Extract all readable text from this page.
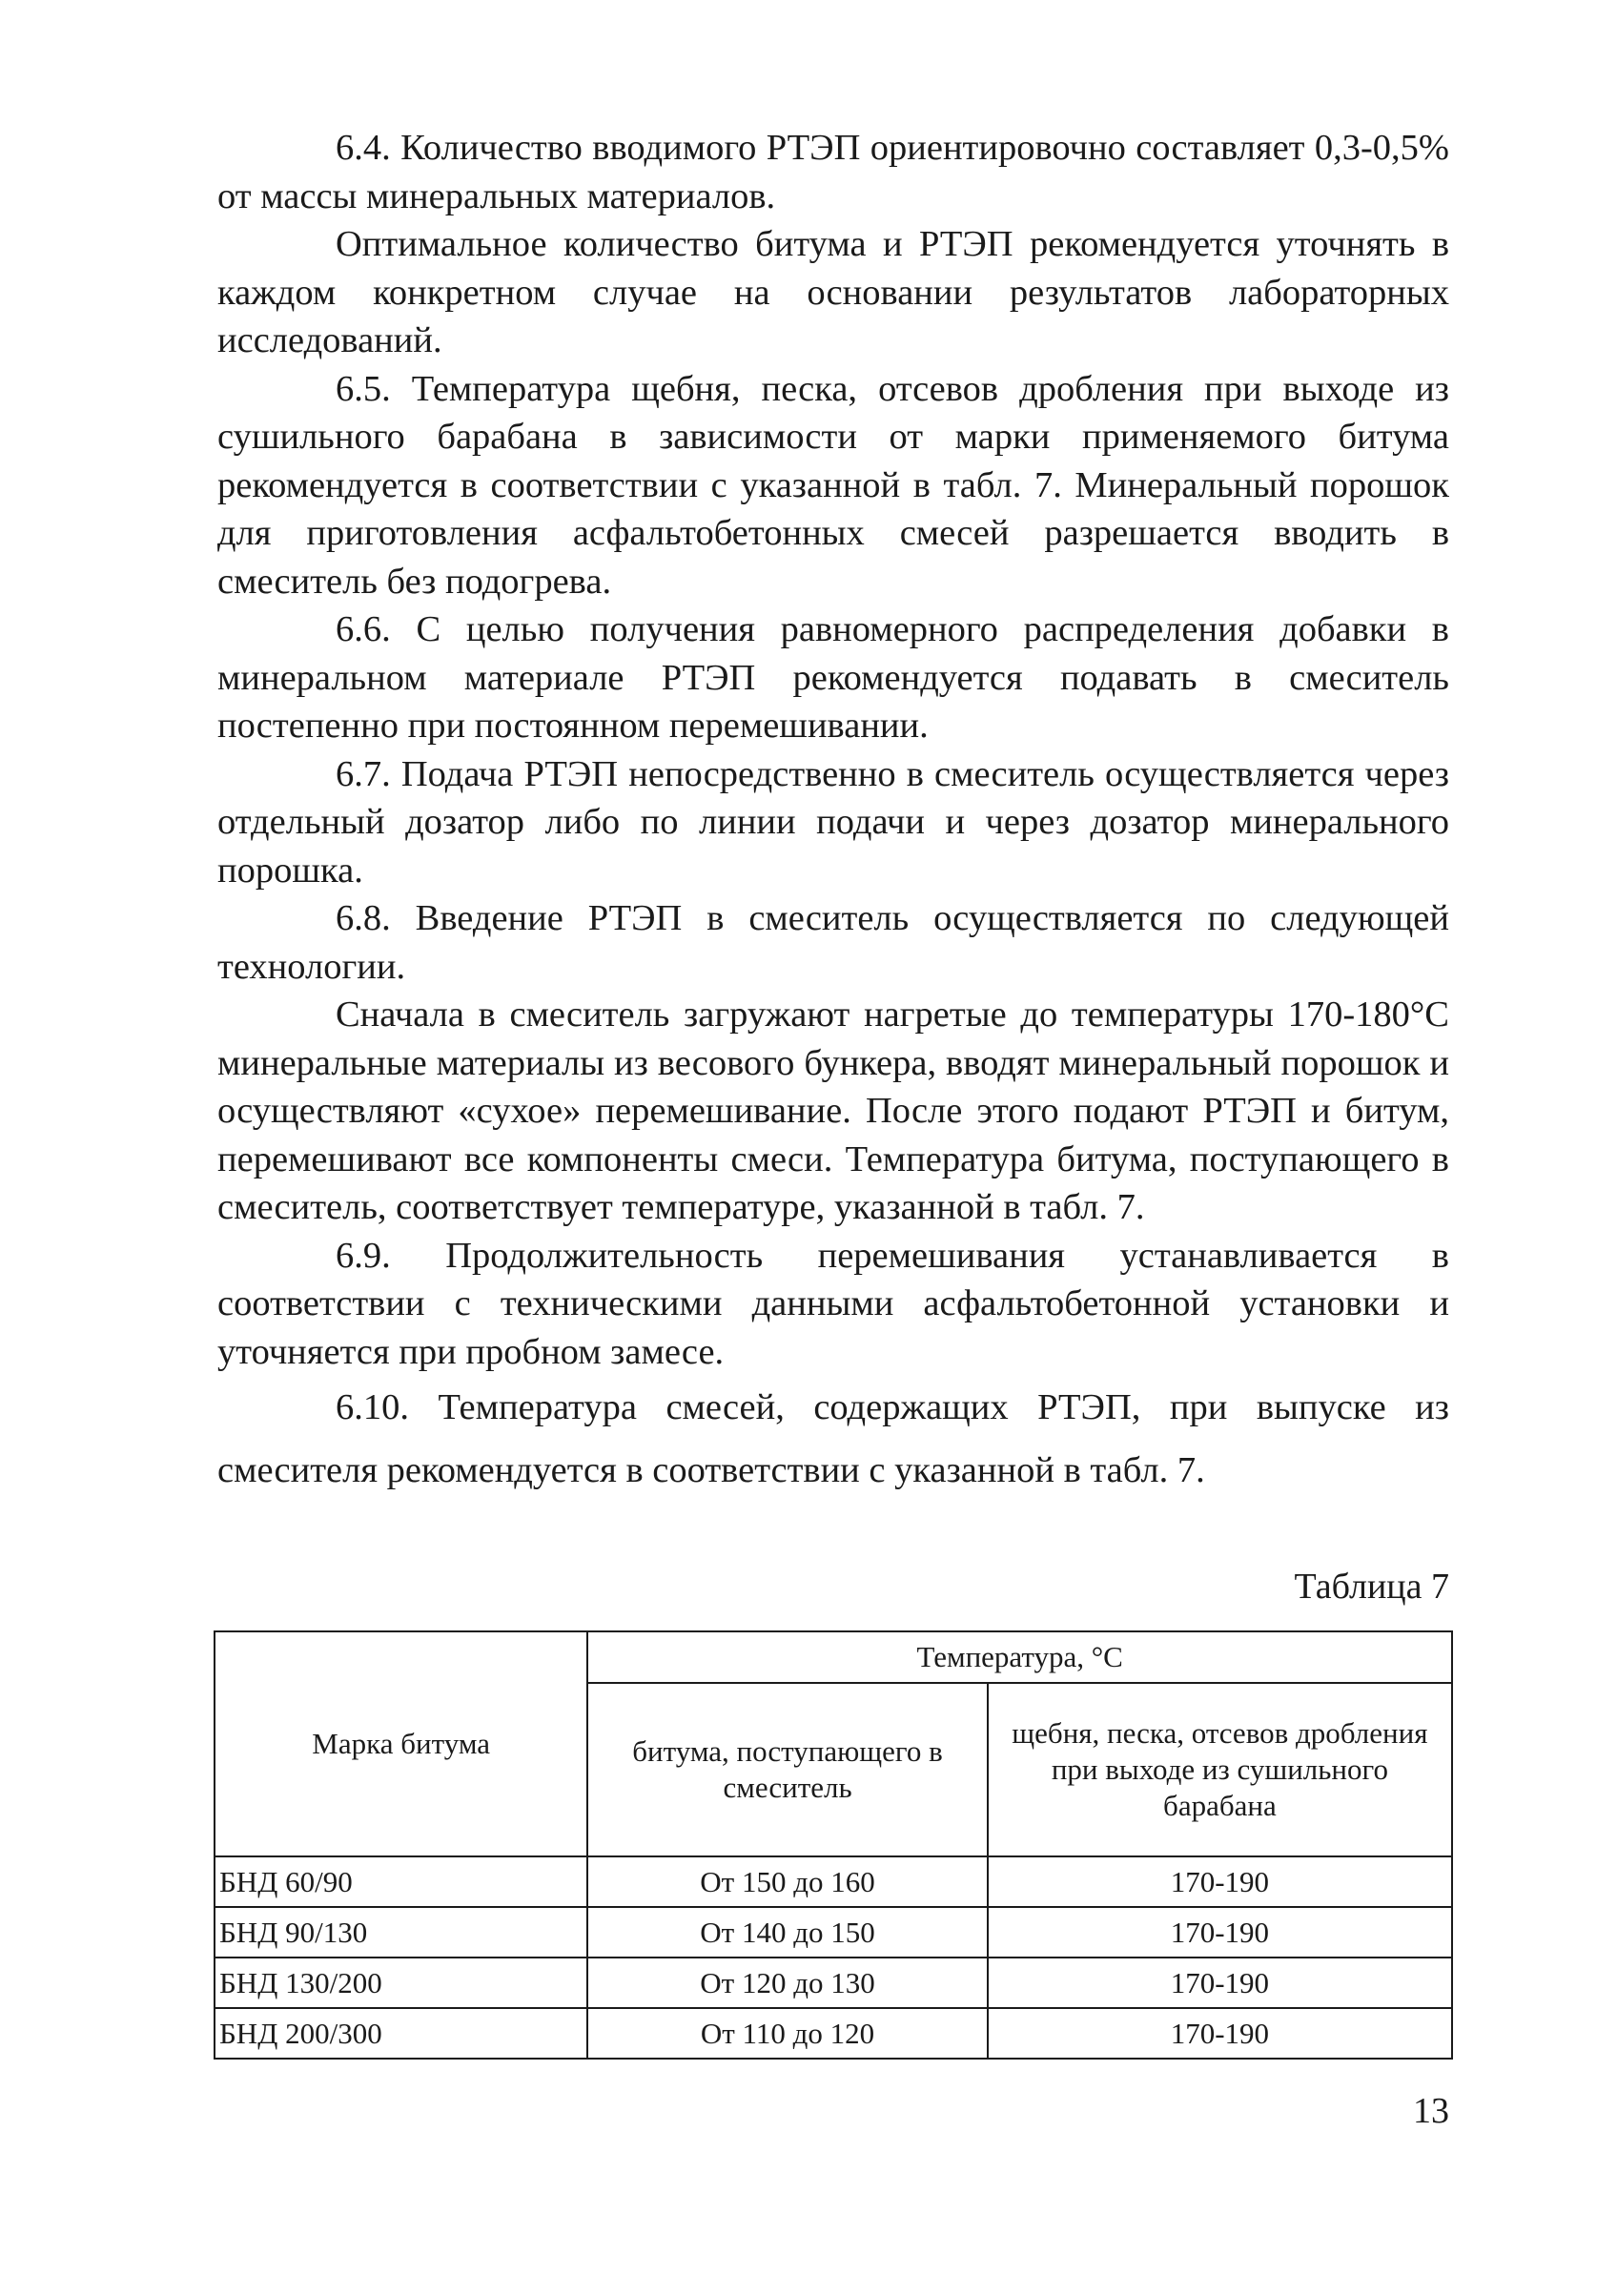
6.4. Количество вводимого РТЭП ориентировочно составляет 0,3-0,5% от массы минеральных материалов.

Оптимальное количество битума и РТЭП рекомендуется уточнять в каждом конкретном случае на основании результатов лабораторных исследований.

6.5. Температура щебня, песка, отсевов дробления при выходе из сушильного барабана в зависимости от марки применяемого битума рекомендуется в соответствии с указанной в табл. 7. Минеральный порошок для приготовления асфальтобетонных смесей разрешается вводить в смеситель без подогрева.

6.6. С целью получения равномерного распределения добавки в минеральном материале РТЭП рекомендуется подавать в смеситель постепенно при постоянном перемешивании.

6.7. Подача РТЭП непосредственно в смеситель осуществляется через отдельный дозатор либо по линии подачи и через дозатор минерального порошка.

6.8. Введение РТЭП в смеситель осуществляется по следующей технологии.

Сначала в смеситель загружают нагретые до температуры 170-180°С минеральные материалы из весового бункера, вводят минеральный порошок и осуществляют «сухое» перемешивание. После этого подают РТЭП и битум, перемешивают все компоненты смеси. Температура битума, поступающего в смеситель, соответствует температуре, указанной в табл. 7.

6.9. Продолжительность перемешивания устанавливается в соответствии с техническими данными асфальтобетонной установки и уточняется при пробном замесе.

6.10. Температура смесей, содержащих РТЭП, при выпуске из смесителя рекомендуется в соответствии с указанной в табл. 7.

Таблица 7
Марка битума	Температура, °С	
	битума, поступающего в смеситель	щебня, песка, отсевов дробления при выходе из сушильного барабана
БНД 60/90	От 150 до 160	170-190
БНД 90/130	От 140 до 150	170-190
БНД 130/200	От 120 до 130	170-190
БНД 200/300	От 110 до 120	170-190
13
